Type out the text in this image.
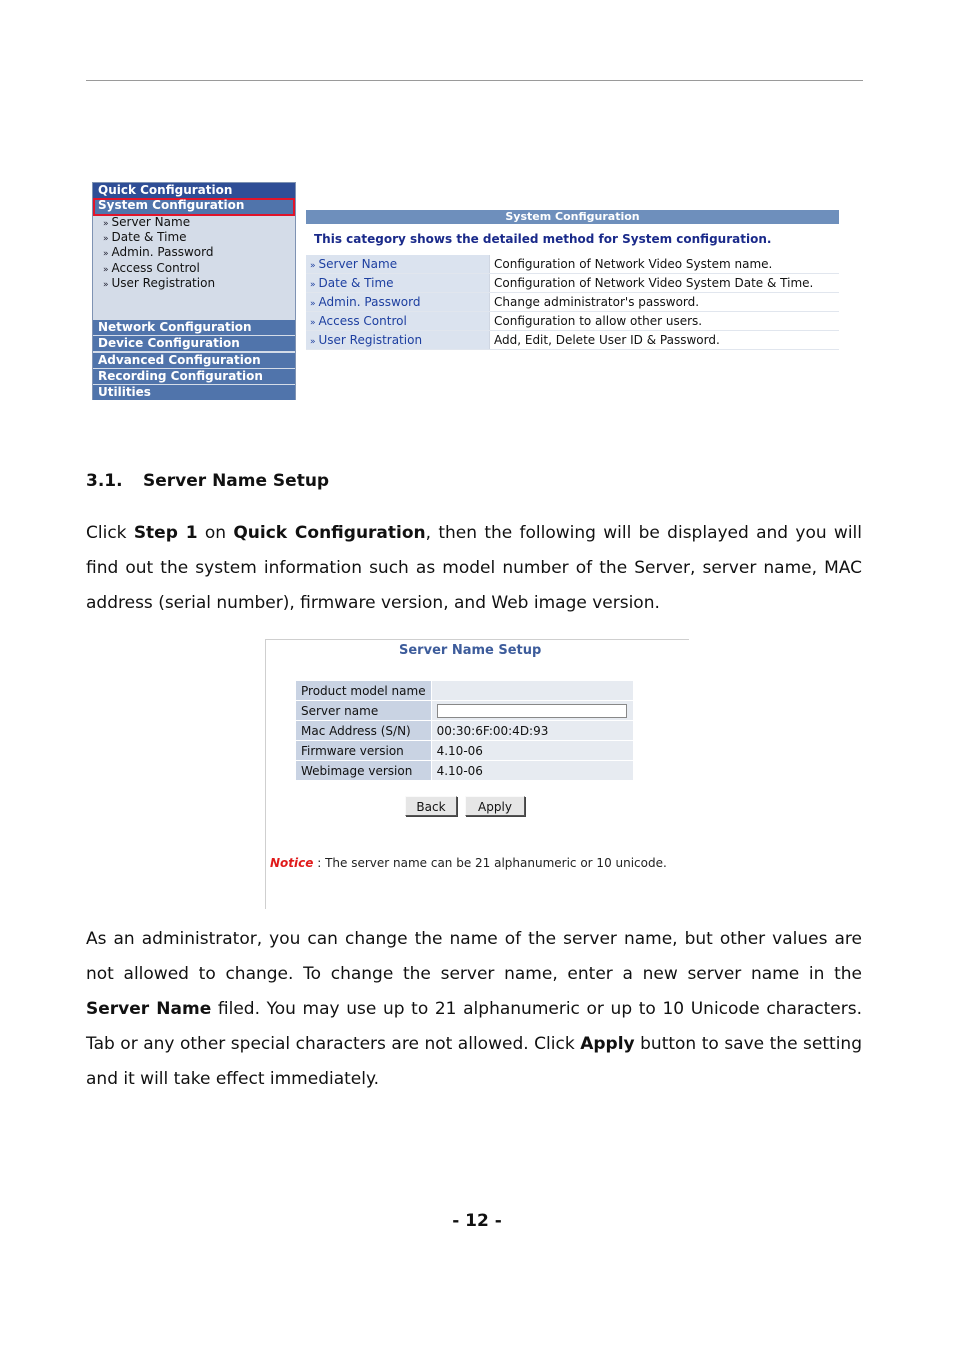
Quick Configuration
System Configuration
» Server Name
» Date & Time
» Admin. Password
» Access Control
» User Registration
Network Configuration
Device Configuration
Advanced Configuration
Recording Configuration
Utilities
System Configuration
This category shows the detailed method for System configuration.
» Server Name	Configuration of Network Video System name.
» Date & Time	Configuration of Network Video System Date & Time.
» Admin. Password	Change administrator's password.
» Access Control	Configuration to allow other users.
» User Registration	Add, Edit, Delete User ID & Password.
3.1. Server Name Setup
Click Step 1 on Quick Configuration, then the following will be displayed and you will find out the system information such as model number of the Server, server name, MAC address (serial number), firmware version, and Web image version.
Server Name Setup
Product model name	
Server name	
Mac Address (S/N)	00:30:6F:00:4D:93
Firmware version	4.10-06
Webimage version	4.10-06
Back	Apply
Notice : The server name can be 21 alphanumeric or 10 unicode.
As an administrator, you can change the name of the server name, but other values are not allowed to change. To change the server name, enter a new server name in the Server Name filed. You may use up to 21 alphanumeric or up to 10 Unicode characters. Tab or any other special characters are not allowed. Click Apply button to save the setting and it will take effect immediately.
- 12 -
